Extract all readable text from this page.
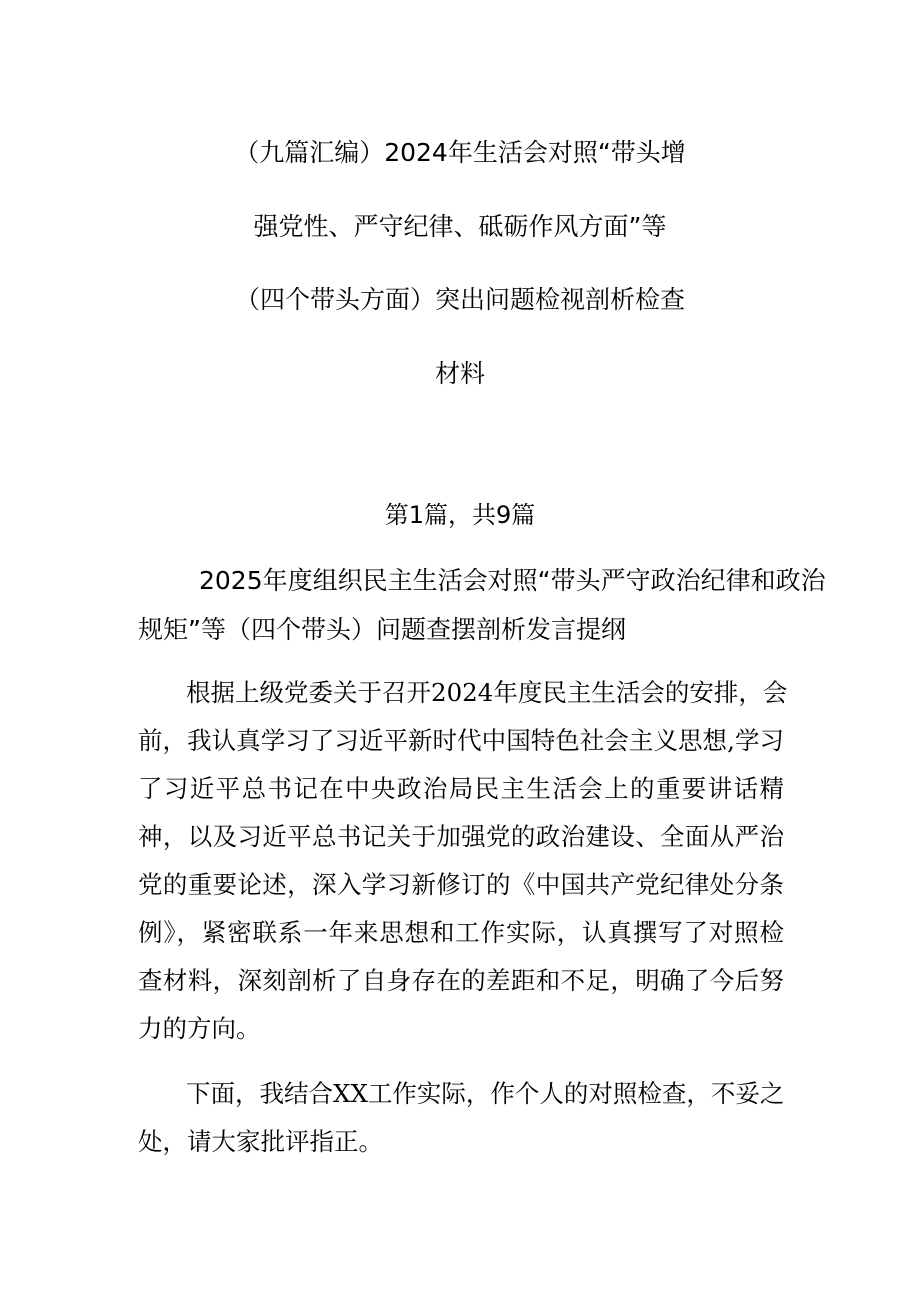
（九篇汇编）2024年生活会对照“带头增
强党性、严守纪律、砥砺作风方面”等
（四个带头方面）突出问题检视剖析检查
材料
第1篇，共9篇
2025年度组织民主生活会对照“带头严守政治纪律和政治
规矩”等（四个带头）问题查摆剖析发言提纲
根据上级党委关于召开2024年度民主生活会的安排，会
前，我认真学习了习近平新时代中国特色社会主义思想,学习
了习近平总书记在中央政治局民主生活会上的重要讲话精
神，以及习近平总书记关于加强党的政治建设、全面从严治
党的重要论述，深入学习新修订的《中国共产党纪律处分条
例》，紧密联系一年来思想和工作实际，认真撰写了对照检
查材料，深刻剖析了自身存在的差距和不足，明确了今后努
力的方向。
下面，我结合XX工作实际，作个人的对照检查，不妥之
处，请大家批评指正。
